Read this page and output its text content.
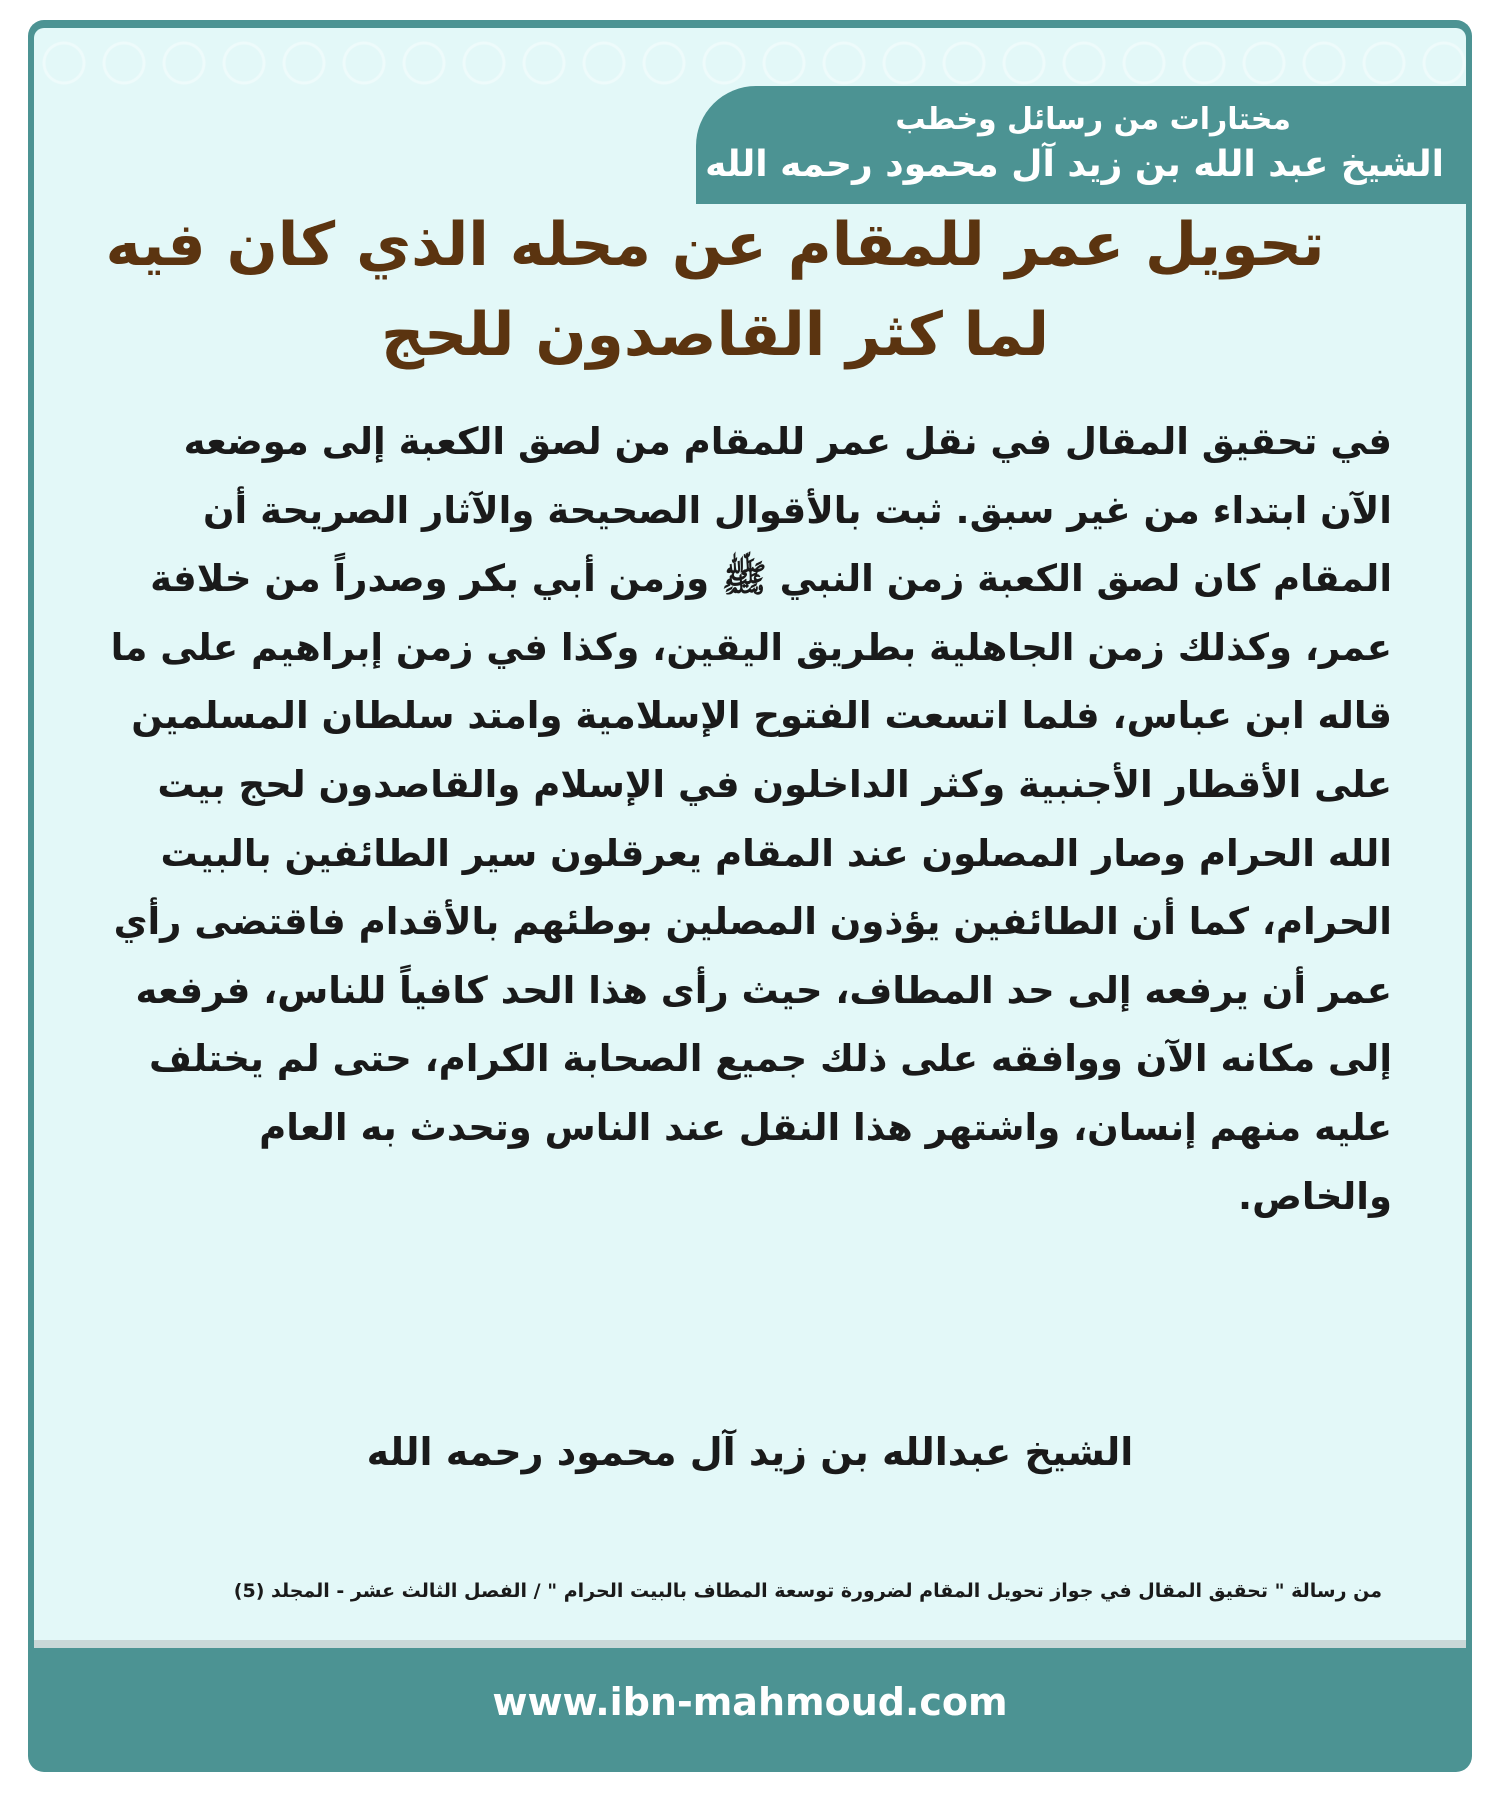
مختارات من رسائل وخطب
الشيخ عبد الله بن زيد آل محمود رحمه الله
تحويل عمر للمقام عن محله الذي كان فيه لما كثر القاصدون للحج
في تحقيق المقال في نقل عمر للمقام من لصق الكعبة إلى موضعه الآن ابتداء من غير سبق. ثبت بالأقوال الصحيحة والآثار الصريحة أن المقام كان لصق الكعبة زمن النبي ﷺ وزمن أبي بكر وصدراً من خلافة عمر، وكذلك زمن الجاهلية بطريق اليقين، وكذا في زمن إبراهيم على ما قاله ابن عباس، فلما اتسعت الفتوح الإسلامية وامتد سلطان المسلمين على الأقطار الأجنبية وكثر الداخلون في الإسلام والقاصدون لحج بيت الله الحرام وصار المصلون عند المقام يعرقلون سير الطائفين بالبيت الحرام، كما أن الطائفين يؤذون المصلين بوطئهم بالأقدام فاقتضى رأي عمر أن يرفعه إلى حد المطاف، حيث رأى هذا الحد كافياً للناس، فرفعه إلى مكانه الآن ووافقه على ذلك جميع الصحابة الكرام، حتى لم يختلف عليه منهم إنسان، واشتهر هذا النقل عند الناس وتحدث به العام والخاص.
الشيخ عبدالله بن زيد آل محمود رحمه الله
من رسالة " تحقيق المقال في جواز تحويل المقام لضرورة توسعة المطاف بالبيت الحرام " / الفصل الثالث عشر - المجلد (5)
www.ibn-mahmoud.com
